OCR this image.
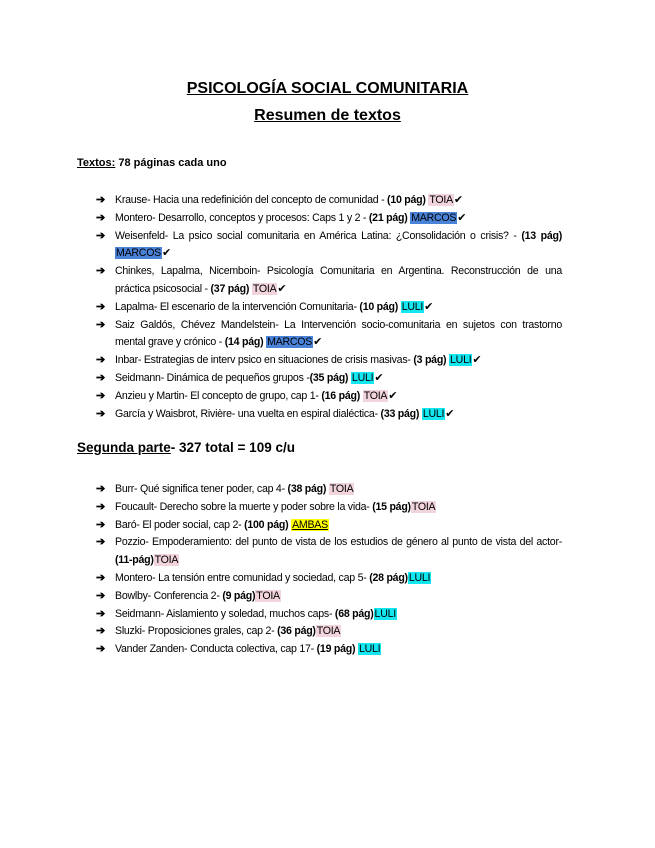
PSICOLOGÍA SOCIAL COMUNITARIA
Resumen de textos
Textos: 78 páginas cada uno
➔ Krause- Hacia una redefinición del concepto de comunidad - (10 pág) TOIA✔
➔ Montero- Desarrollo, conceptos y procesos: Caps 1 y 2 - (21 pág) MARCOS✔
➔ Weisenfeld- La psico social comunitaria en América Latina: ¿Consolidación o crisis? - (13 pág) MARCOS✔
➔ Chinkes, Lapalma, Nicemboin- Psicología Comunitaria en Argentina. Reconstrucción de una práctica psicosocial - (37 pág) TOIA✔
➔ Lapalma- El escenario de la intervención Comunitaria- (10 pág) LULI✔
➔ Saiz Galdós, Chévez Mandelstein- La Intervención socio-comunitaria en sujetos con trastorno mental grave y crónico - (14 pág) MARCOS✔
➔ Inbar- Estrategias de interv psico en situaciones de crisis masivas- (3 pág) LULI✔
➔ Seidmann- Dinámica de pequeños grupos -(35 pág) LULI✔
➔ Anzieu y Martin- El concepto de grupo, cap 1- (16 pág) TOIA✔
➔ García y Waisbrot, Rivière- una vuelta en espiral dialéctica- (33 pág) LULI✔
Segunda parte- 327 total = 109 c/u
➔ Burr- Qué significa tener poder, cap 4- (38 pág) TOIA
➔ Foucault- Derecho sobre la muerte y poder sobre la vida- (15 pág)TOIA
➔ Baró- El poder social, cap 2- (100 pág) AMBAS
➔ Pozzio- Empoderamiento: del punto de vista de los estudios de género al punto de vista del actor- (11-pág)TOIA
➔ Montero- La tensión entre comunidad y sociedad, cap 5- (28 pág)LULI
➔ Bowlby- Conferencia 2- (9 pág)TOIA
➔ Seidmann- Aislamiento y soledad, muchos caps- (68 pág)LULI
➔ Sluzki- Proposiciones grales, cap 2- (36 pág)TOIA
➔ Vander Zanden- Conducta colectiva, cap 17- (19 pág) LULI
